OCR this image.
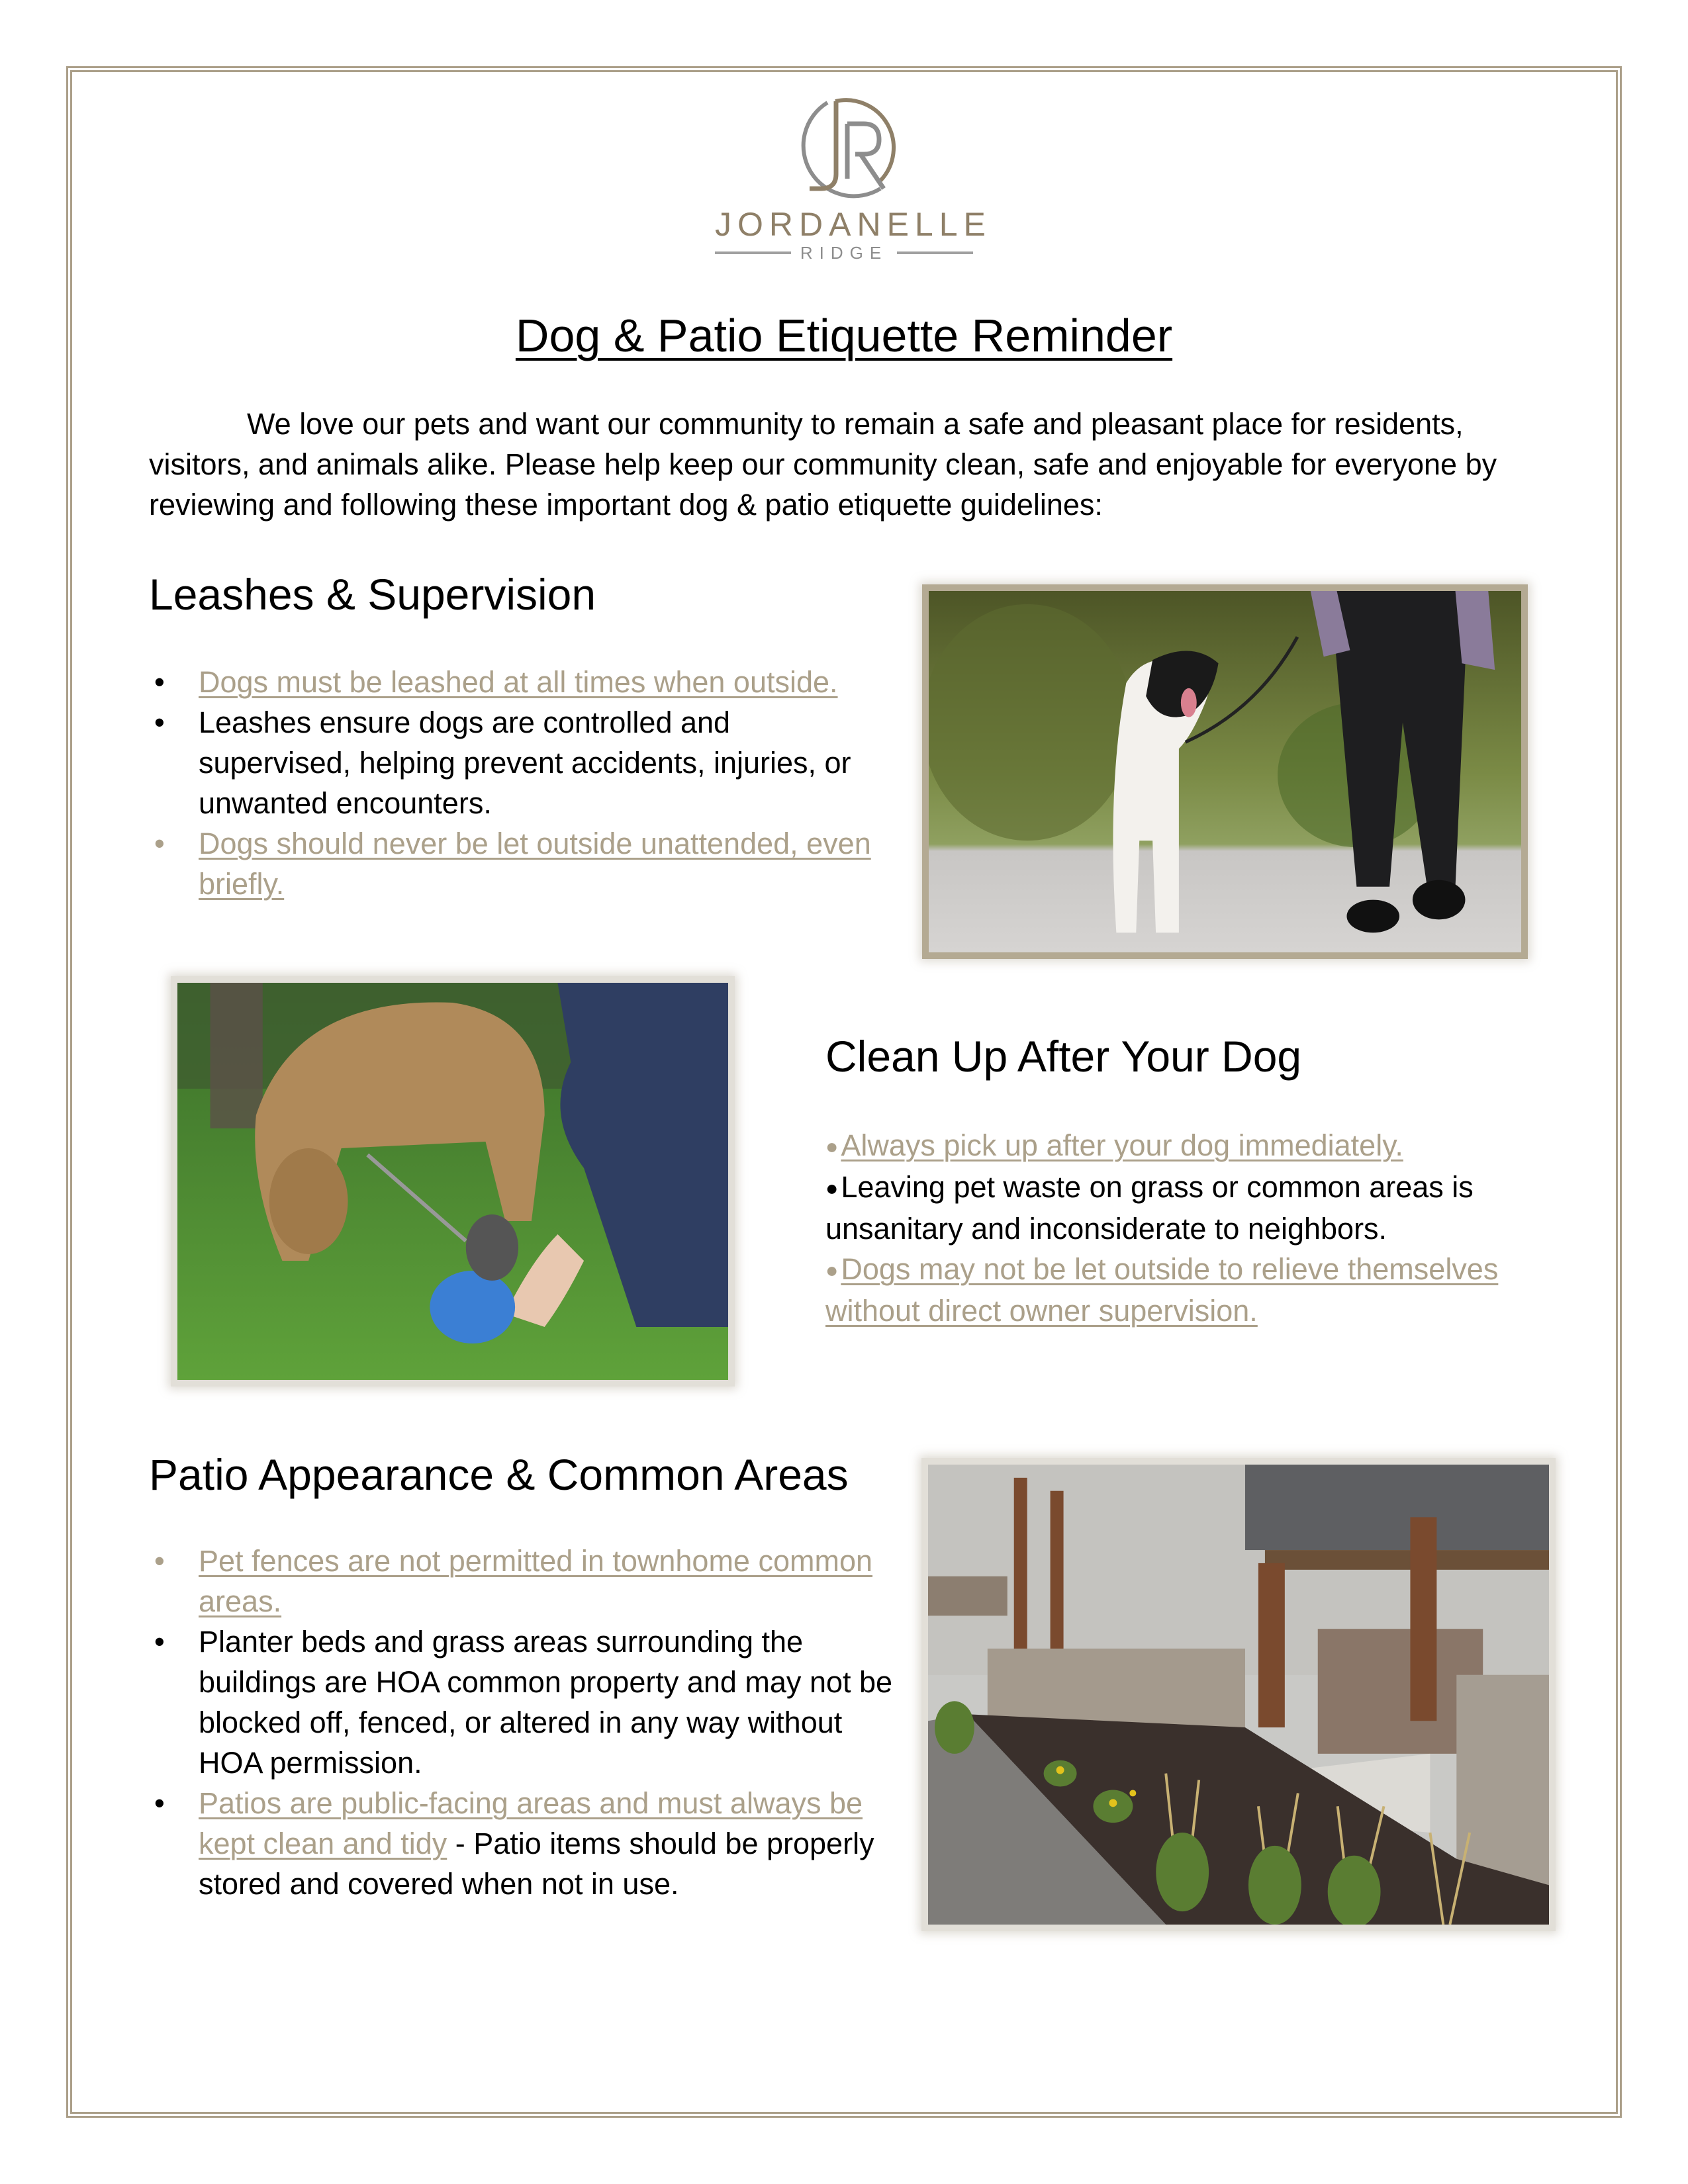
JORDANELLE
RIDGE
Dog & Patio Etiquette Reminder
We love our pets and want our community to remain a safe and pleasant place for residents, visitors, and animals alike. Please help keep our community clean, safe and enjoyable for everyone by reviewing and following these important dog & patio etiquette guidelines:
Leashes & Supervision
• Dogs must be leashed at all times when outside.
• Leashes ensure dogs are controlled and supervised, helping prevent accidents, injuries, or unwanted encounters.
• Dogs should never be let outside unattended, even briefly.
Clean Up After Your Dog
●Always pick up after your dog immediately.
●Leaving pet waste on grass or common areas is unsanitary and inconsiderate to neighbors.
●Dogs may not be let outside to relieve themselves without direct owner supervision.
Patio Appearance & Common Areas
• Pet fences are not permitted in townhome common areas.
• Planter beds and grass areas surrounding the buildings are HOA common property and may not be blocked off, fenced, or altered in any way without HOA permission.
• Patios are public-facing areas and must always be kept clean and tidy - Patio items should be properly stored and covered when not in use.
